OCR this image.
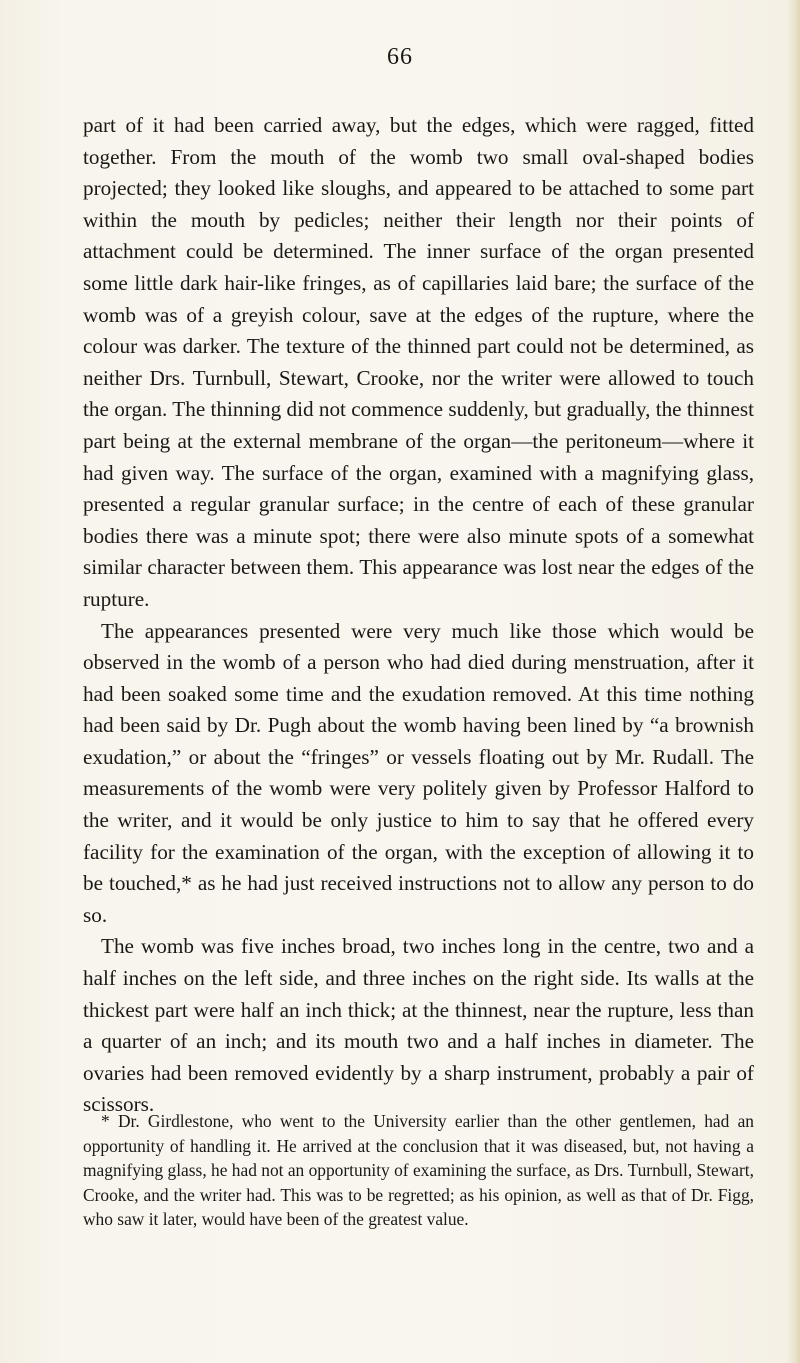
66

part of it had been carried away, but the edges, which were ragged, fitted together. From the mouth of the womb two small oval-shaped bodies projected; they looked like sloughs, and appeared to be attached to some part within the mouth by pedicles; neither their length nor their points of attachment could be determined. The inner surface of the organ presented some little dark hair-like fringes, as of capillaries laid bare; the surface of the womb was of a greyish colour, save at the edges of the rupture, where the colour was darker. The texture of the thinned part could not be determined, as neither Drs. Turnbull, Stewart, Crooke, nor the writer were allowed to touch the organ. The thinning did not commence suddenly, but gradually, the thinnest part being at the external membrane of the organ—the peritoneum—where it had given way. The surface of the organ, examined with a magnifying glass, presented a regular granular surface; in the centre of each of these granular bodies there was a minute spot; there were also minute spots of a somewhat similar character between them. This appearance was lost near the edges of the rupture.

The appearances presented were very much like those which would be observed in the womb of a person who had died during menstruation, after it had been soaked some time and the exudation removed. At this time nothing had been said by Dr. Pugh about the womb having been lined by “a brownish exudation,” or about the “fringes” or vessels floating out by Mr. Rudall. The measurements of the womb were very politely given by Professor Halford to the writer, and it would be only justice to him to say that he offered every facility for the examination of the organ, with the exception of allowing it to be touched,* as he had just received instructions not to allow any person to do so.

The womb was five inches broad, two inches long in the centre, two and a half inches on the left side, and three inches on the right side. Its walls at the thickest part were half an inch thick; at the thinnest, near the rupture, less than a quarter of an inch; and its mouth two and a half inches in diameter. The ovaries had been removed evidently by a sharp instrument, probably a pair of scissors.

* Dr. Girdlestone, who went to the University earlier than the other gentlemen, had an opportunity of handling it. He arrived at the conclusion that it was diseased, but, not having a magnifying glass, he had not an opportunity of examining the surface, as Drs. Turnbull, Stewart, Crooke, and the writer had. This was to be regretted; as his opinion, as well as that of Dr. Figg, who saw it later, would have been of the greatest value.
